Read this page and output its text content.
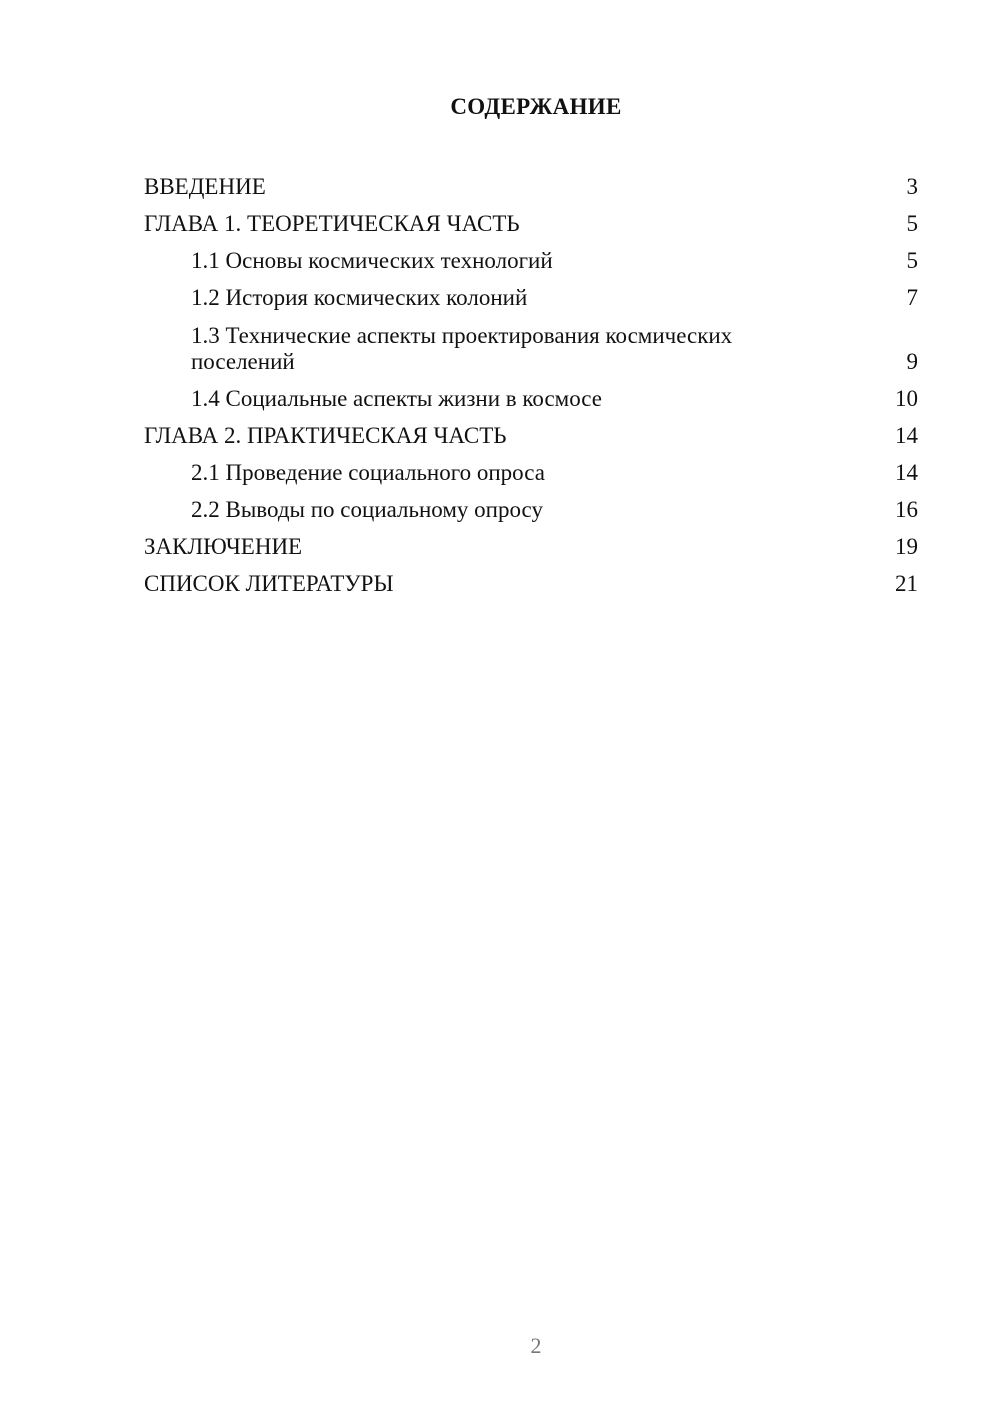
СОДЕРЖАНИЕ
ВВЕДЕНИЕ	3
ГЛАВА 1. ТЕОРЕТИЧЕСКАЯ ЧАСТЬ	5
1.1 Основы космических технологий	5
1.2 История космических колоний	7
1.3 Технические аспекты проектирования космических поселений	9
1.4 Социальные аспекты жизни в космосе	10
ГЛАВА 2. ПРАКТИЧЕСКАЯ ЧАСТЬ	14
2.1 Проведение социального опроса	14
2.2 Выводы по социальному опросу	16
ЗАКЛЮЧЕНИЕ	19
СПИСОК ЛИТЕРАТУРЫ	21
2
